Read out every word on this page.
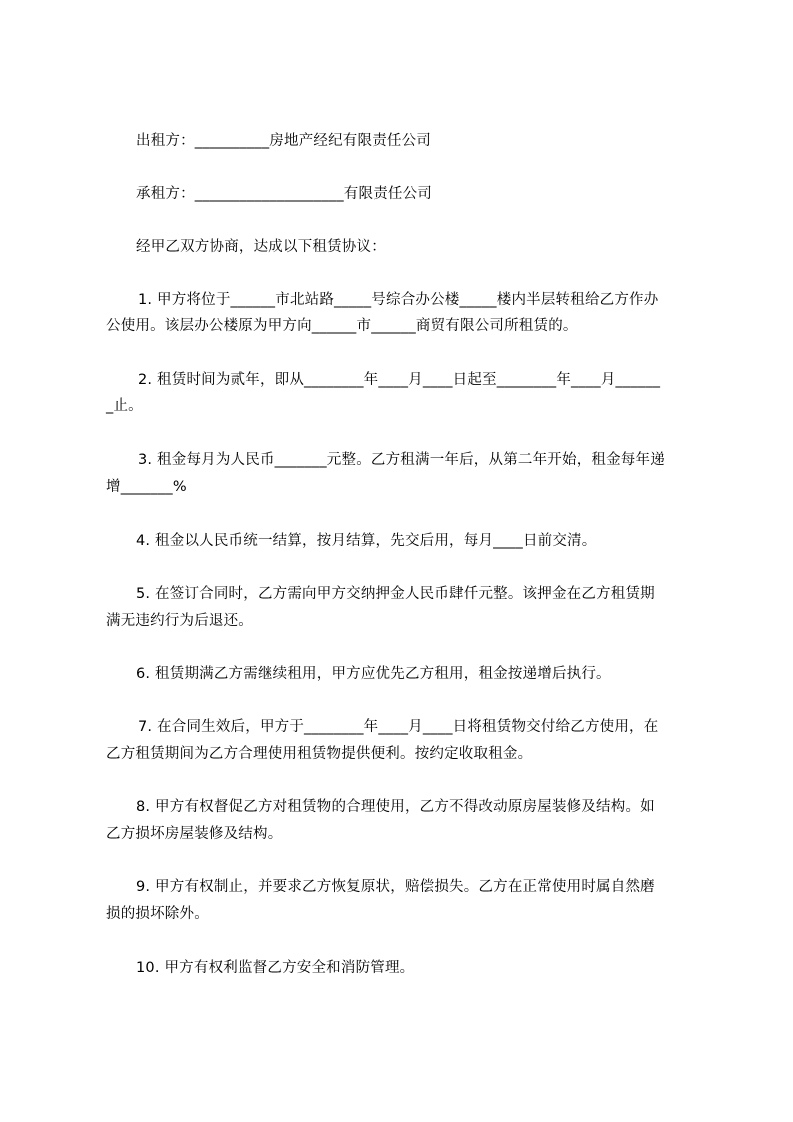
出租方：__________房地产经纪有限责任公司
承租方：____________________有限责任公司
经甲乙双方协商，达成以下租赁协议：
1. 甲方将位于______市北站路_____号综合办公楼_____楼内半层转租给乙方作办
公使用。该层办公楼原为甲方向______市______商贸有限公司所租赁的。
2. 租赁时间为贰年，即从________年____月____日起至________年____月______
_止。
3. 租金每月为人民币_______元整。乙方租满一年后，从第二年开始，租金每年递
增_______%
4. 租金以人民币统一结算，按月结算，先交后用，每月____日前交清。
5. 在签订合同时，乙方需向甲方交纳押金人民币肆仟元整。该押金在乙方租赁期
满无违约行为后退还。
6. 租赁期满乙方需继续租用，甲方应优先乙方租用，租金按递增后执行。
7. 在合同生效后，甲方于________年____月____日将租赁物交付给乙方使用，在
乙方租赁期间为乙方合理使用租赁物提供便利。按约定收取租金。
8. 甲方有权督促乙方对租赁物的合理使用，乙方不得改动原房屋装修及结构。如
乙方损坏房屋装修及结构。
9. 甲方有权制止，并要求乙方恢复原状，赔偿损失。乙方在正常使用时属自然磨
损的损坏除外。
10. 甲方有权利监督乙方安全和消防管理。
